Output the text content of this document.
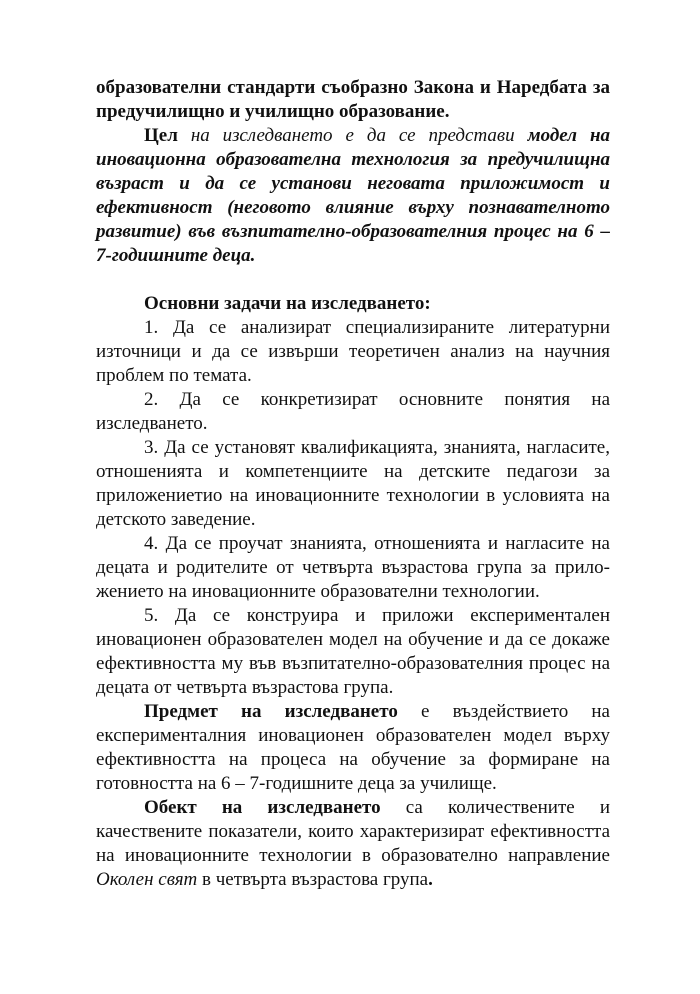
образователни стандарти съобразно Закона и Наредбата за предучилищно и училищно образование.

Цел на изследването е да се представи модел на иновационна образователна технология за предучилищна възраст и да се установи неговата приложимост и ефективност (неговото влияние върху познавателното развитие) във възпитателно-образователния процес на 6 – 7-годишните деца.

Основни задачи на изследването:

1. Да се анализират специализираните литературни източници и да се извърши теоретичен анализ на научния проблем по темата.

2. Да се конкретизират основните понятия на изследването.

3. Да се установят квалификацията, знанията, нагласите, отношенията и компетенциите на детските педагози за приложениетио на иновационните технологии в условията на детското заведение.

4. Да се проучат знанията, отношенията и нагласите на децата и родителите от четвърта възрастова група за приложението на иновационните образователни технологии.

5. Да се конструира и приложи експериментален иновационен образователен модел на обучение и да се докаже ефективността му във възпитателно-образователния процес на децата от четвърта възрастова група.

Предмет на изследването е въздействието на експерименталния иновационен образователен модел върху ефективността на процеса на обучение за формиране на готовността на 6 – 7-годишните деца за училище.

Обект на изследването са количествените и качествените показатели, които характеризират ефективността на иновационните технологии в образователно направление Околен свят в четвърта възрастова група.
